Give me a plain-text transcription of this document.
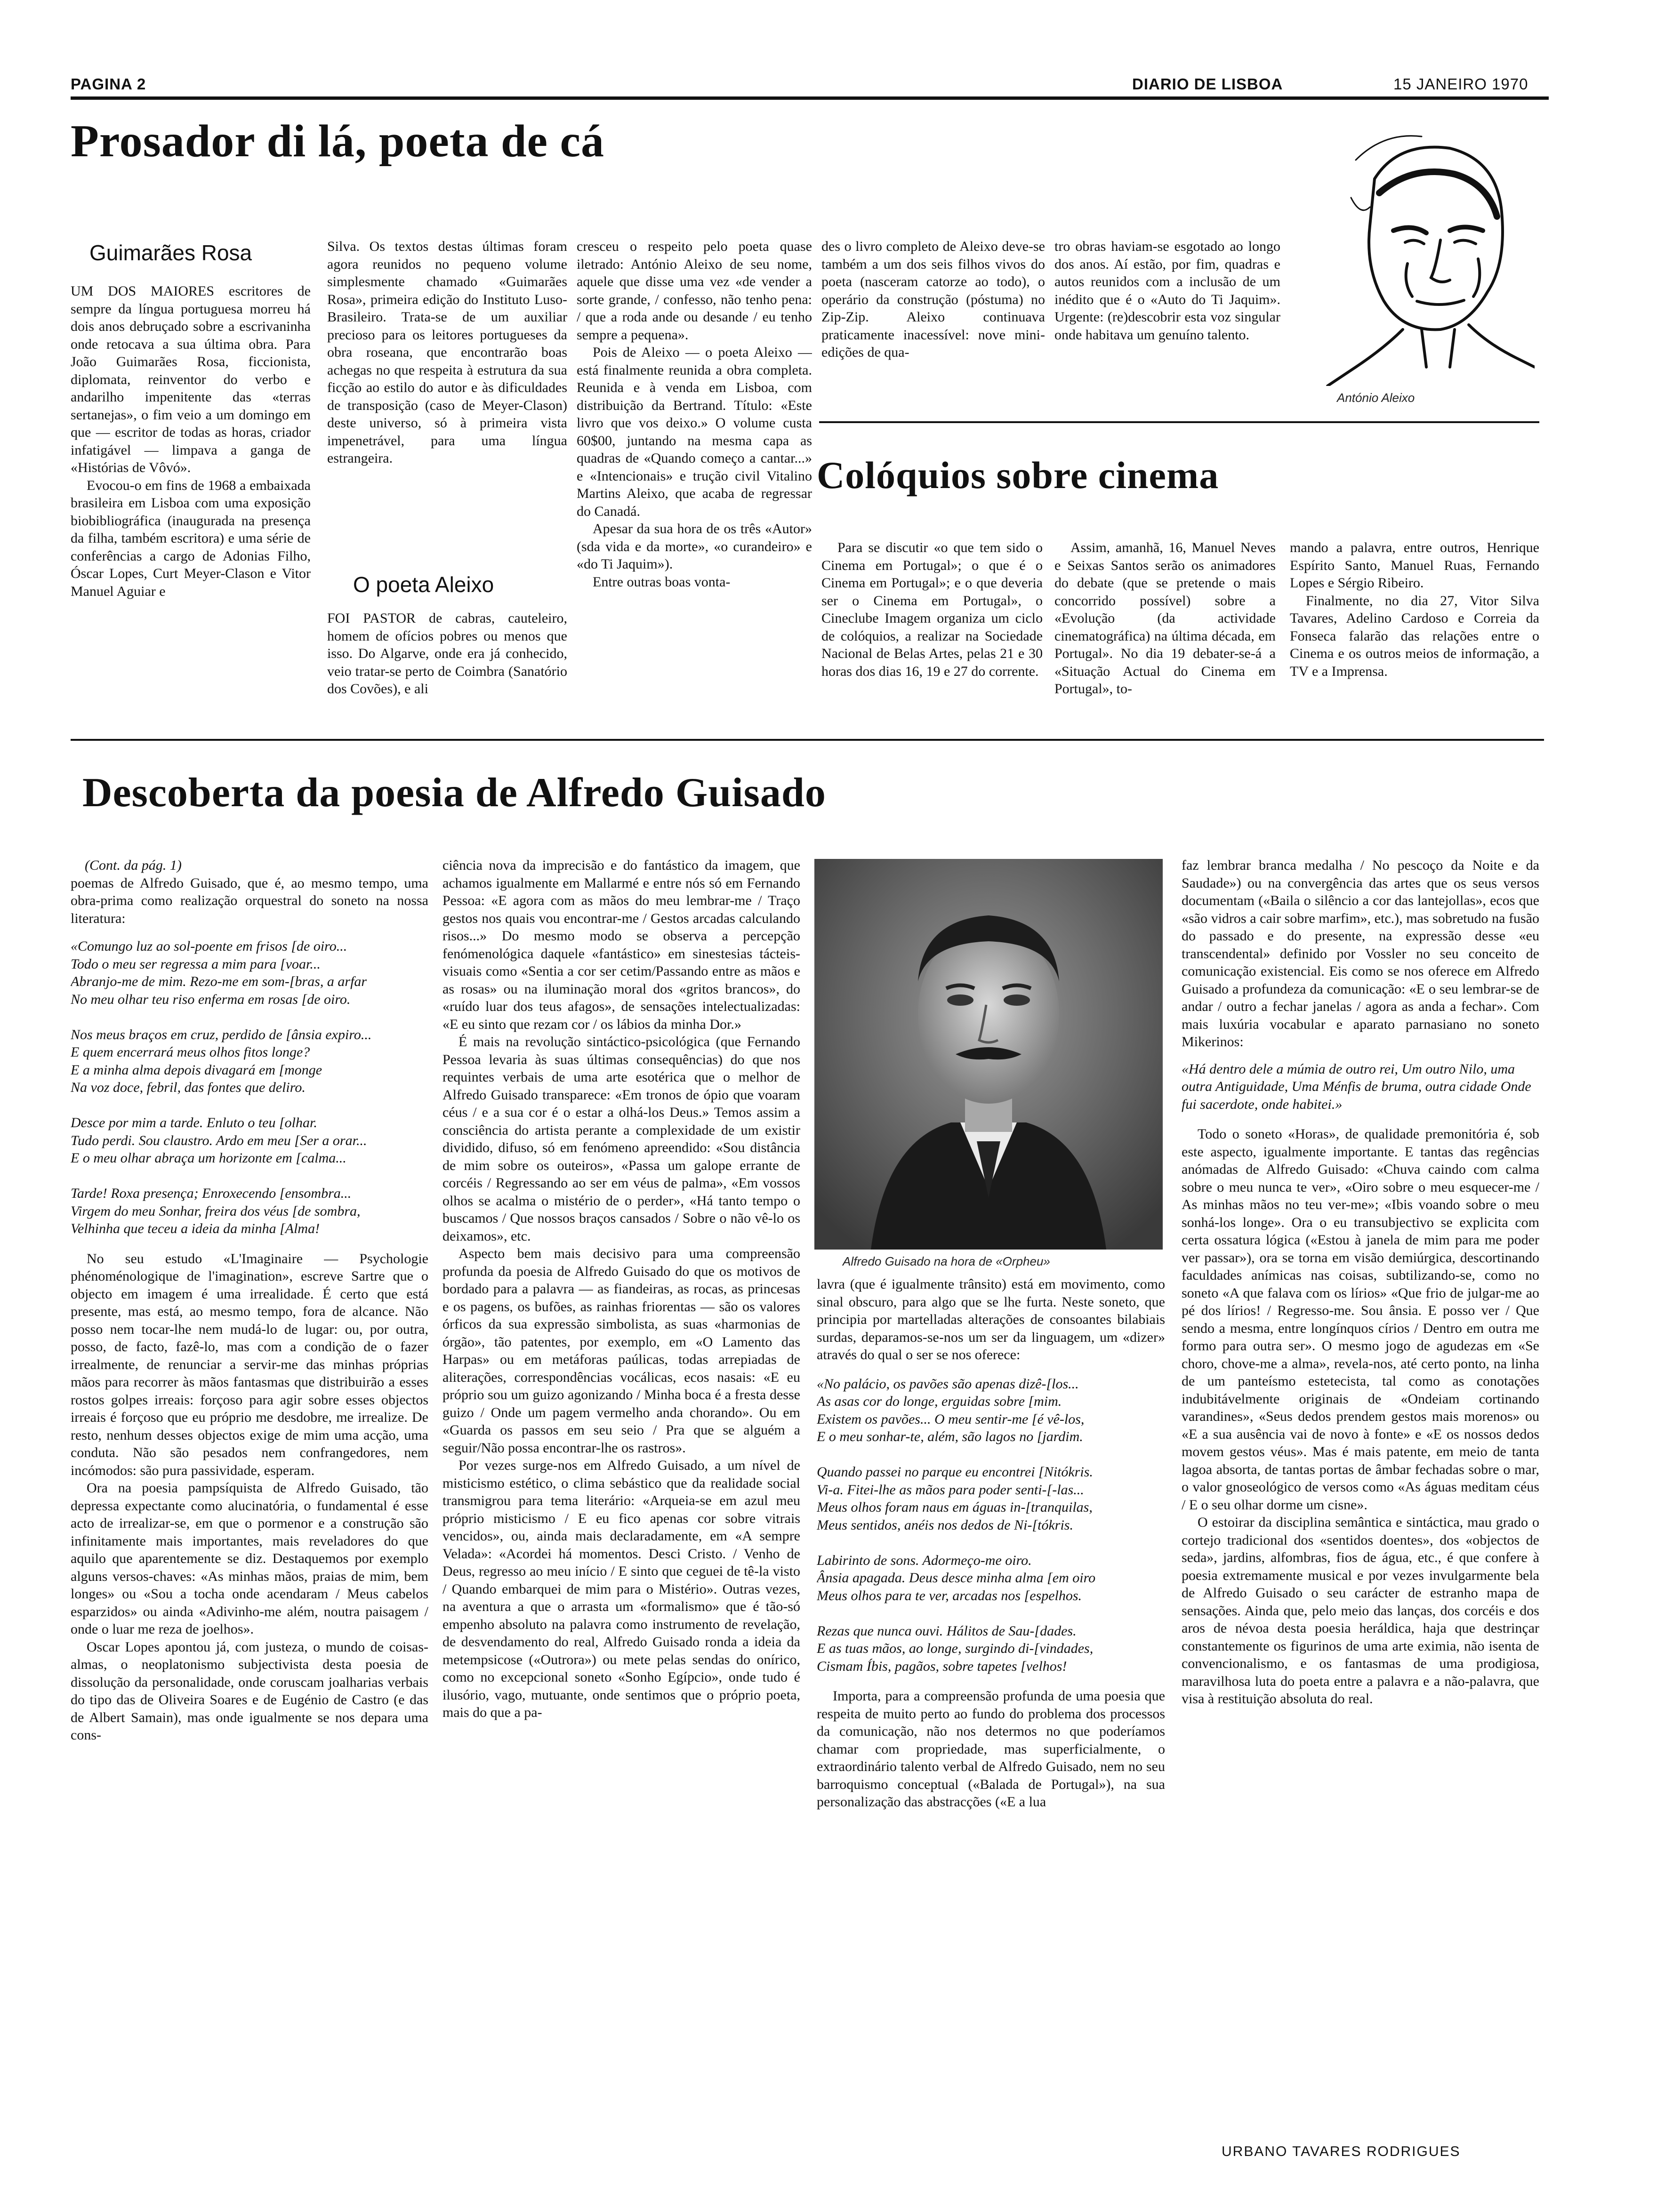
PAGINA 2	DIARIO DE LISBOA	15 JANEIRO 1970
Prosador di lá, poeta de cá
Guimarães Rosa

UM DOS MAIORES escritores de sempre da língua portuguesa morreu há dois anos debruçado sobre a escrivaninha onde retocava a sua última obra. Para João Guimarães Rosa, ficcionista, diplomata, reinventor do verbo e andarilho impenitente das «terras sertanejas», o fim veio a um domingo em que — escritor de todas as horas, criador infatigável — limpava a ganga de «Histórias de Vôvó».

Evocou-o em fins de 1968 a embaixada brasileira em Lisboa com uma exposição biobibliográfica (inaugurada na presença da filha, também escritora) e uma série de conferências a cargo de Adonias Filho, Óscar Lopes, Curt Meyer-Clason e Vitor Manuel Aguiar e

Silva. Os textos destas últimas foram agora reunidos no pequeno volume simplesmente chamado «Guimarães Rosa», primeira edição do Instituto Luso-Brasileiro. Trata-se de um auxiliar precioso para os leitores portugueses da obra roseana, que encontrarão boas achegas no que respeita à estrutura da sua ficção ao estilo do autor e às dificuldades de transposição (caso de Meyer-Clason) deste universo, só à primeira vista impenetrável, para uma língua estrangeira.

O poeta Aleixo

FOI PASTOR de cabras, cauteleiro, homem de ofícios pobres ou menos que isso. Do Algarve, onde era já conhecido, veio tratar-se perto de Coimbra (Sanatório dos Covões), e ali

cresceu o respeito pelo poeta quase iletrado: António Aleixo de seu nome, aquele que disse uma vez «de vender a sorte grande, / confesso, não tenho pena: / que a roda ande ou desande / eu tenho sempre a pequena».

Pois de Aleixo — o poeta Aleixo — está finalmente reunida a obra completa. Reunida e à venda em Lisboa, com distribuição da Bertrand. Título: «Este livro que vos deixo.» O volume custa 60$00, juntando na mesma capa as quadras de «Quando começo a cantar...» e «Intencionais» e trução civil Vitalino Martins Aleixo, que acaba de regressar do Canadá.

Apesar da sua hora de os três «Autor» (sda vida e da morte», «o curandeiro» e «do Ti Jaquim»).

Entre outras boas vonta-

des o livro completo de Aleixo deve-se também a um dos seis filhos vivos do poeta (nasceram catorze ao todo), o operário da construção (póstuma) no Zip-Zip. Aleixo continuava praticamente inacessível: nove mini-edições de qua-

tro obras haviam-se esgotado ao longo dos anos. Aí estão, por fim, quadras e autos reunidos com a inclusão de um inédito que é o «Auto do Ti Jaquim». Urgente: (re)descobrir esta voz singular onde habitava um genuíno talento.

António Aleixo
Colóquios sobre cinema

Para se discutir «o que tem sido o Cinema em Portugal»; o que é o Cinema em Portugal»; e o que deveria ser o Cinema em Portugal», o Cineclube Imagem organiza um ciclo de colóquios, a realizar na Sociedade Nacional de Belas Artes, pelas 21 e 30 horas dos dias 16, 19 e 27 do corrente.

Assim, amanhã, 16, Manuel Neves e Seixas Santos serão os animadores do debate (que se pretende o mais concorrido possível) sobre a «Evolução (da actividade cinematográfica) na última década, em Portugal». No dia 19 debater-se-á a «Situação Actual do Cinema em Portugal», to-

mando a palavra, entre outros, Henrique Espírito Santo, Manuel Ruas, Fernando Lopes e Sérgio Ribeiro.

Finalmente, no dia 27, Vitor Silva Tavares, Adelino Cardoso e Correia da Fonseca falarão das relações entre o Cinema e os outros meios de informação, a TV e a Imprensa.

Descoberta da poesia de Alfredo Guisado

(Cont. da pág. 1)

poemas de Alfredo Guisado, que é, ao mesmo tempo, uma obra-prima como realização orquestral do soneto na nossa literatura:

«Comungo luz ao sol-poente em frisos [de oiro...
Todo o meu ser regressa a mim para [voar...
Abranjo-me de mim. Rezo-me em som-[bras, a arfar
No meu olhar teu riso enferma em rosas [de oiro.

Nos meus braços em cruz, perdido de [ânsia expiro...
E quem encerrará meus olhos fitos longe?
E a minha alma depois divagará em [monge
Na voz doce, febril, das fontes que deliro.

Desce por mim a tarde. Enluto o teu [olhar.
Tudo perdi. Sou claustro. Ardo em meu [Ser a orar...
E o meu olhar abraça um horizonte em [calma...

Tarde! Roxa presença; Enroxecendo [ensombra...
Virgem do meu Sonhar, freira dos véus [de sombra,
Velhinha que teceu a ideia da minha [Alma!

No seu estudo «L'Imaginaire — Psychologie phénoménologique de l'imagination», escreve Sartre que o objecto em imagem é uma irrealidade. É certo que está presente, mas está, ao mesmo tempo, fora de alcance. Não posso nem tocar-lhe nem mudá-lo de lugar: ou, por outra, posso, de facto, fazê-lo, mas com a condição de o fazer irrealmente, de renunciar a servir-me das minhas próprias mãos para recorrer às mãos fantasmas que distribuirão a esses rostos golpes irreais: forçoso para agir sobre esses objectos irreais é forçoso que eu próprio me desdobre, me irrealize. De resto, nenhum desses objectos exige de mim uma acção, uma conduta. Não são pesados nem confrangedores, nem incómodos: são pura passividade, esperam.

Ora na poesia pampsíquista de Alfredo Guisado, tão depressa expectante como alucinatória, o fundamental é esse acto de irrealizar-se, em que o pormenor e a construção são infinitamente mais importantes, mais reveladores do que aquilo que aparentemente se diz. Destaquemos por exemplo alguns versos-chaves: «As minhas mãos, praias de mim, bem longes» ou «Sou a tocha onde acendaram / Meus cabelos esparzidos» ou ainda «Adivinho-me além, noutra paisagem / onde o luar me reza de joelhos».

Oscar Lopes apontou já, com justeza, o mundo de coisas-almas, o neoplatonismo subjectivista desta poesia de dissolução da personalidade, onde coruscam joalharias verbais do tipo das de Oliveira Soares e de Eugénio de Castro (e das de Albert Samain), mas onde igualmente se nos depara uma cons-

ciência nova da imprecisão e do fantástico da imagem, que achamos igualmente em Mallarmé e entre nós só em Fernando Pessoa: «E agora com as mãos do meu lembrar-me / Traço gestos nos quais vou encontrar-me / Gestos arcadas calculando risos...» Do mesmo modo se observa a percepção fenómenológica daquele «fantástico» em sinestesias tácteis-visuais como «Sentia a cor ser cetim/Passando entre as mãos e as rosas» ou na iluminação moral dos «gritos brancos», do «ruído luar dos teus afagos», de sensações intelectualizadas: «E eu sinto que rezam cor / os lábios da minha Dor.»

É mais na revolução sintáctico-psicológica (que Fernando Pessoa levaria às suas últimas consequências) do que nos requintes verbais de uma arte esotérica que o melhor de Alfredo Guisado transparece: «Em tronos de ópio que voaram céus / e a sua cor é o estar a olhá-los Deus.» Temos assim a consciência do artista perante a complexidade de um existir dividido, difuso, só em fenómeno apreendido: «Sou distância de mim sobre os outeiros», «Passa um galope errante de corcéis / Regressando ao ser em véus de palma», «Em vossos olhos se acalma o mistério de o perder», «Há tanto tempo o buscamos / Que nossos braços cansados / Sobre o não vê-lo os deixamos», etc.

Aspecto bem mais decisivo para uma compreensão profunda da poesia de Alfredo Guisado do que os motivos de bordado para a palavra — as fiandeiras, as rocas, as princesas e os pagens, os bufões, as rainhas friorentas — são os valores órficos da sua expressão simbolista, as suas «harmonias de órgão», tão patentes, por exemplo, em «O Lamento das Harpas» ou em metáforas paúlicas, todas arrepiadas de aliterações, correspondências vocálicas, ecos nasais: «E eu próprio sou um guizo agonizando / Minha boca é a fresta desse guizo / Onde um pagem vermelho anda chorando». Ou em «Guarda os passos em seu seio / Pra que se alguém a seguir/Não possa encontrar-lhe os rastros».

Por vezes surge-nos em Alfredo Guisado, a um nível de misticismo estético, o clima sebástico que da realidade social transmigrou para tema literário: «Arqueia-se em azul meu próprio misticismo / E eu fico apenas cor sobre vitrais vencidos», ou, ainda mais declaradamente, em «A sempre Velada»: «Acordei há momentos. Desci Cristo. / Venho de Deus, regresso ao meu início / E sinto que ceguei de tê-la visto / Quando embarquei de mim para o Mistério». Outras vezes, na aventura a que o arrasta um «formalismo» que é tão-só empenho absoluto na palavra como instrumento de revelação, de desvendamento do real, Alfredo Guisado ronda a ideia da metempsicose («Outrora») ou mete pelas sendas do onírico, como no excepcional soneto «Sonho Egípcio», onde tudo é ilusório, vago, mutuante, onde sentimos que o próprio poeta, mais do que a pa-

Alfredo Guisado na hora de «Orpheu»

lavra (que é igualmente trânsito) está em movimento, como sinal obscuro, para algo que se lhe furta. Neste soneto, que principia por martelladas alterações de consoantes bilabiais surdas, deparamos-se-nos um ser da linguagem, um «dizer» através do qual o ser se nos oferece:

«No palácio, os pavões são apenas dizê-[los...
As asas cor do longe, erguidas sobre [mim.
Existem os pavões... O meu sentir-me [é vê-los,
E o meu sonhar-te, além, são lagos no [jardim.

Quando passei no parque eu encontrei [Nitókris.
Vi-a. Fitei-lhe as mãos para poder senti-[-las...
Meus olhos foram naus em águas in-[tranquilas,
Meus sentidos, anéis nos dedos de Ni-[tókris.

Labirinto de sons. Adormeço-me oiro.
Ânsia apagada. Deus desce minha alma [em oiro
Meus olhos para te ver, arcadas nos [espelhos.

Rezas que nunca ouvi. Hálitos de Sau-[dades.
E as tuas mãos, ao longe, surgindo di-[vindades,
Cismam Íbis, pagãos, sobre tapetes [velhos!

Importa, para a compreensão profunda de uma poesia que respeita de muito perto ao fundo do problema dos processos da comunicação, não nos determos no que poderíamos chamar com propriedade, mas superficialmente, o extraordinário talento verbal de Alfredo Guisado, nem no seu barroquismo conceptual («Balada de Portugal»), na sua personalização das abstracções («E a lua

faz lembrar branca medalha / No pescoço da Noite e da Saudade») ou na convergência das artes que os seus versos documentam («Baila o silêncio a cor das lantejollas», ecos que «são vidros a cair sobre marfim», etc.), mas sobretudo na fusão do passado e do presente, na expressão desse «eu transcendental» definido por Vossler no seu conceito de comunicação existencial. Eis como se nos oferece em Alfredo Guisado a profundeza da comunicação: «E o seu lembrar-se de andar / outro a fechar janelas / agora as anda a fechar». Com mais luxúria vocabular e aparato parnasiano no soneto Mikerinos:

«Há dentro dele a múmia de outro rei, Um outro Nilo, uma outra Antiguidade, Uma Ménfis de bruma, outra cidade Onde fui sacerdote, onde habitei.»

Todo o soneto «Horas», de qualidade premonitória é, sob este aspecto, igualmente importante. E tantas das regências anómadas de Alfredo Guisado: «Chuva caindo com calma sobre o meu nunca te ver», «Oiro sobre o meu esquecer-me / As minhas mãos no teu ver-me»; «Ibis voando sobre o meu sonhá-los longe». Ora o eu transubjectivo se explicita com certa ossatura lógica («Estou à janela de mim para me poder ver passar»), ora se torna em visão demiúrgica, descortinando faculdades anímicas nas coisas, subtilizando-se, como no soneto «A que falava com os lírios» «Que frio de julgar-me ao pé dos lírios! / Regresso-me. Sou ânsia. E posso ver / Que sendo a mesma, entre longínquos círios / Dentro em outra me formo para outra ser». O mesmo jogo de agudezas em «Se choro, chove-me a alma», revela-nos, até certo ponto, na linha de um panteísmo estetecista, tal como as conotações indubitávelmente originais de «Ondeiam cortinando varandines», «Seus dedos prendem gestos mais morenos» ou «E a sua ausência vai de novo à fonte» e «E os nossos dedos movem gestos véus». Mas é mais patente, em meio de tanta lagoa absorta, de tantas portas de âmbar fechadas sobre o mar, o valor gnoseológico de versos como «As águas meditam céus / E o seu olhar dorme um cisne».

O estoirar da disciplina semântica e sintáctica, mau grado o cortejo tradicional dos «sentidos doentes», dos «objectos de seda», jardins, alfombras, fios de água, etc., é que confere à poesia extremamente musical e por vezes invulgarmente bela de Alfredo Guisado o seu carácter de estranho mapa de sensações. Ainda que, pelo meio das lanças, dos corcéis e dos aros de névoa desta poesia heráldica, haja que destrinçar constantemente os figurinos de uma arte eximia, não isenta de convencionalismo, e os fantasmas de uma prodigiosa, maravilhosa luta do poeta entre a palavra e a não-palavra, que visa à restituição absoluta do real.

URBANO TAVARES RODRIGUES
